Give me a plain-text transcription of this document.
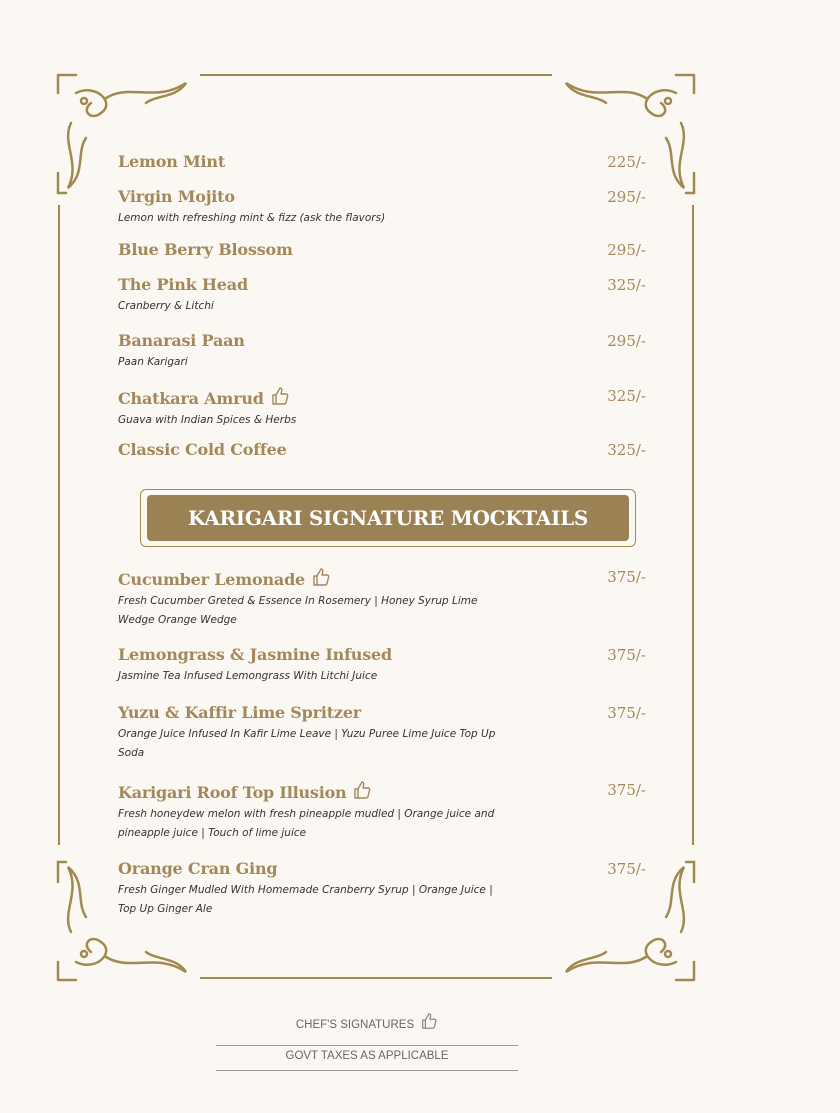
Lemon Mint	225/-
Virgin Mojito	295/-
Lemon with refreshing mint & fizz (ask the flavors)
Blue Berry Blossom	295/-
The Pink Head	325/-
Cranberry & Litchi
Banarasi Paan	295/-
Paan Karigari
Chatkara Amrud	325/-
Guava with Indian Spices & Herbs
Classic Cold Coffee	325/-
KARIGARI SIGNATURE MOCKTAILS
Cucumber Lemonade	375/-
Fresh Cucumber Greted & Essence In Rosemery | Honey Syrup Lime Wedge Orange Wedge
Lemongrass & Jasmine Infused	375/-
Jasmine Tea Infused Lemongrass With Litchi Juice
Yuzu & Kaffir Lime Spritzer	375/-
Orange Juice Infused In Kafir Lime Leave | Yuzu Puree Lime Juice Top Up Soda
Karigari Roof Top Illusion	375/-
Fresh honeydew melon with fresh pineapple mudled | Orange juice and pineapple juice | Touch of lime juice
Orange Cran Ging	375/-
Fresh Ginger Mudled With Homemade Cranberry Syrup | Orange Juice | Top Up Ginger Ale
CHEF'S SIGNATURES
GOVT TAXES AS APPLICABLE
